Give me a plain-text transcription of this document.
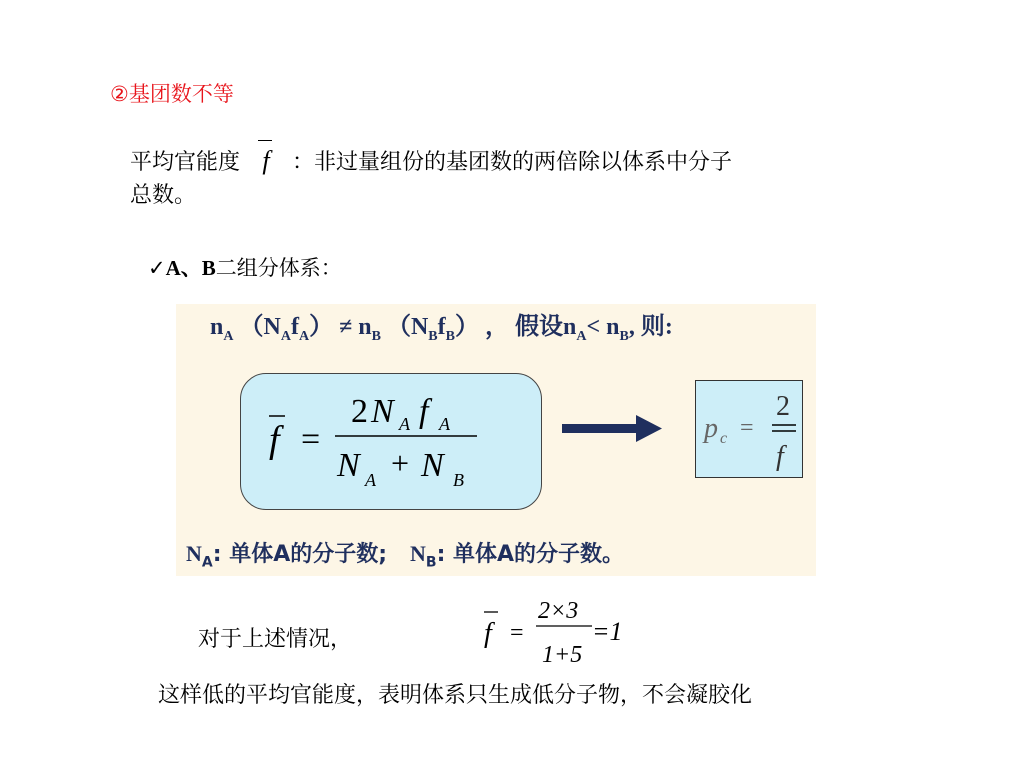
②基团数不等
平均官能度 f ：非过量组份的基团数的两倍除以体系中分子
总数。
✓A、B二组分体系：
$n_A$ $(N_Af_A) \ne n_B$ $(N_Bf_B)$ ， 假设$n_A< n_B$, 则:
f =
2 N A f A
N A + N B
p c =
2
f
$N_A$: 单体A的分子数; $N_B$: 单体A的分子数。
对于上述情况，	f =
2×3
1+5
=1
这样低的平均官能度，表明体系只生成低分子物，不会凝胶化
